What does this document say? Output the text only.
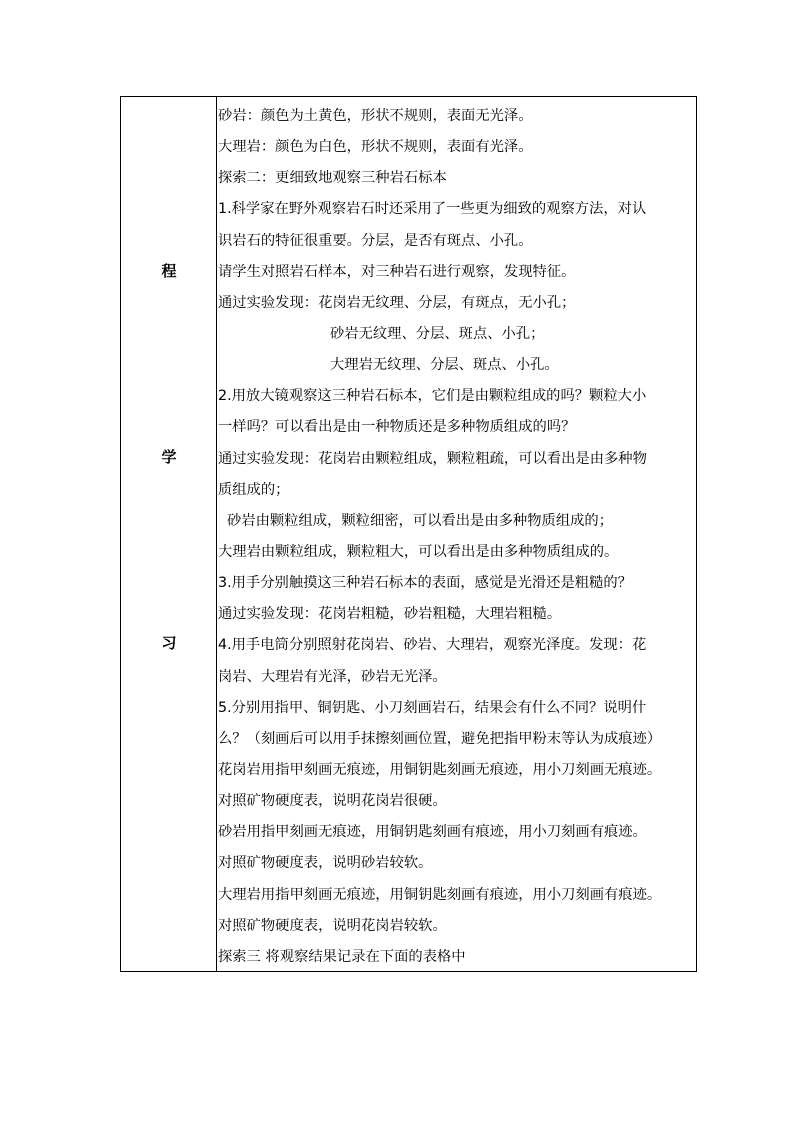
程
学
习
砂岩：颜色为土黄色，形状不规则，表面无光泽。
大理岩：颜色为白色，形状不规则，表面有光泽。
探索二：更细致地观察三种岩石标本
1.科学家在野外观察岩石时还采用了一些更为细致的观察方法，对认
识岩石的特征很重要。分层，是否有斑点、小孔。
请学生对照岩石样本，对三种岩石进行观察，发现特征。
通过实验发现：花岗岩无纹理、分层，有斑点，无小孔；
砂岩无纹理、分层、斑点、小孔；
大理岩无纹理、分层、斑点、小孔。
2.用放大镜观察这三种岩石标本，它们是由颗粒组成的吗？颗粒大小
一样吗？可以看出是由一种物质还是多种物质组成的吗？
通过实验发现：花岗岩由颗粒组成，颗粒粗疏，可以看出是由多种物
质组成的；
砂岩由颗粒组成，颗粒细密，可以看出是由多种物质组成的；
大理岩由颗粒组成，颗粒粗大，可以看出是由多种物质组成的。
3.用手分别触摸这三种岩石标本的表面，感觉是光滑还是粗糙的？
通过实验发现：花岗岩粗糙，砂岩粗糙，大理岩粗糙。
4.用手电筒分别照射花岗岩、砂岩、大理岩，观察光泽度。发现：花
岗岩、大理岩有光泽，砂岩无光泽。
5.分别用指甲、铜钥匙、小刀刻画岩石，结果会有什么不同？说明什
么？（刻画后可以用手抹擦刻画位置，避免把指甲粉末等认为成痕迹）
花岗岩用指甲刻画无痕迹，用铜钥匙刻画无痕迹，用小刀刻画无痕迹。
对照矿物硬度表，说明花岗岩很硬。
砂岩用指甲刻画无痕迹，用铜钥匙刻画有痕迹，用小刀刻画有痕迹。
对照矿物硬度表，说明砂岩较软。
大理岩用指甲刻画无痕迹，用铜钥匙刻画有痕迹，用小刀刻画有痕迹。
对照矿物硬度表，说明花岗岩较软。
探索三 将观察结果记录在下面的表格中
